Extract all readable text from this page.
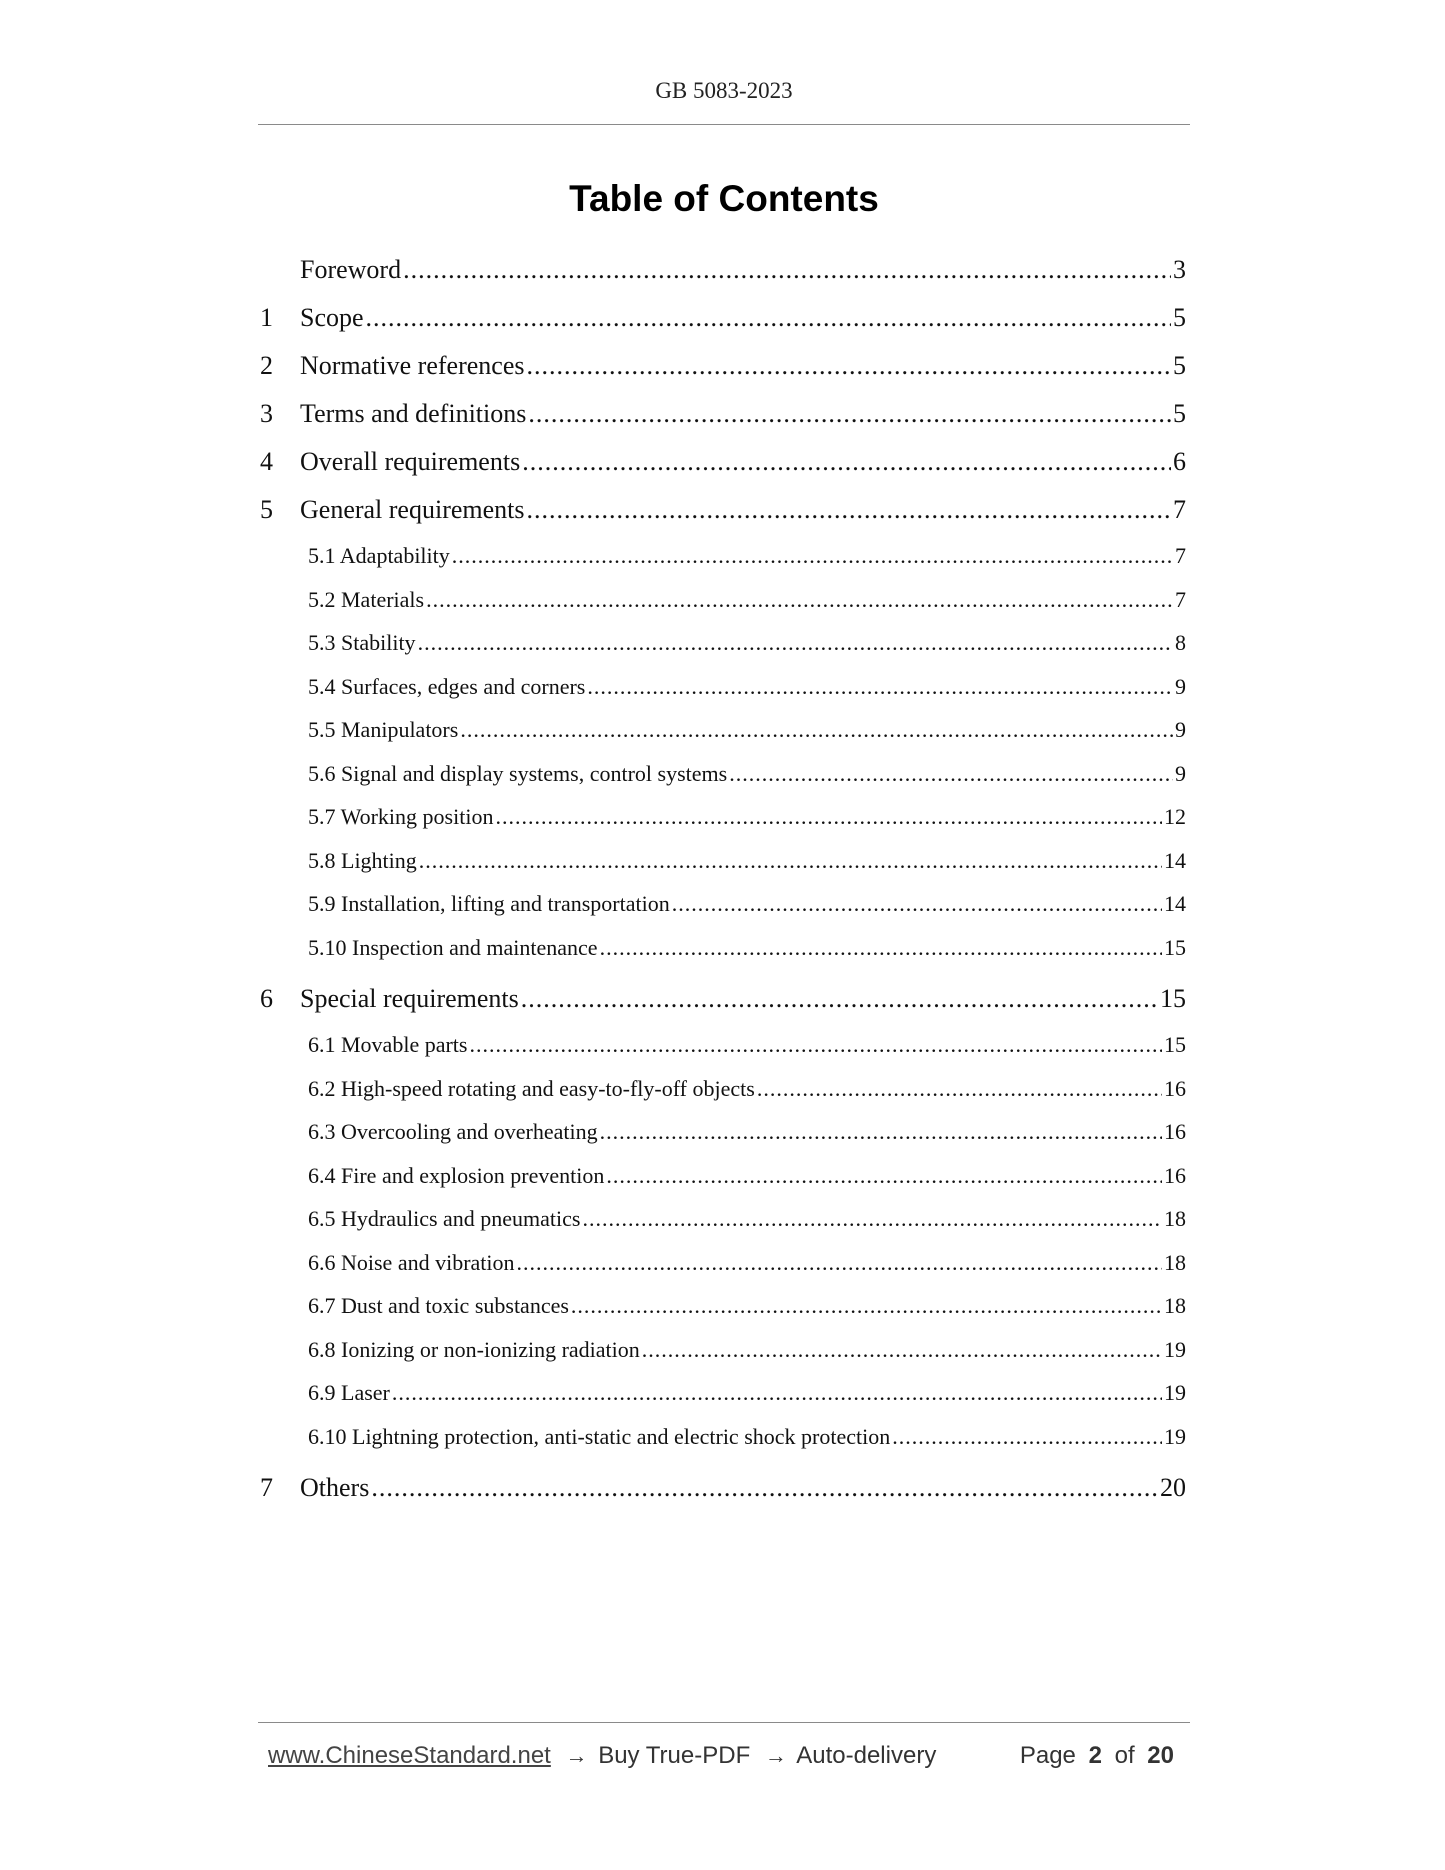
GB 5083-2023
Table of Contents
Foreword .....	3
1	Scope .....	5
2	Normative references .....	5
3	Terms and definitions .....	5
4	Overall requirements .....	6
5	General requirements .....	7
5.1 Adaptability .....	7
5.2 Materials .....	7
5.3 Stability .....	8
5.4 Surfaces, edges and corners .....	9
5.5 Manipulators .....	9
5.6 Signal and display systems, control systems .....	9
5.7 Working position .....	12
5.8 Lighting .....	14
5.9 Installation, lifting and transportation .....	14
5.10 Inspection and maintenance .....	15
6	Special requirements .....	15
6.1 Movable parts .....	15
6.2 High-speed rotating and easy-to-fly-off objects .....	16
6.3 Overcooling and overheating .....	16
6.4 Fire and explosion prevention .....	16
6.5 Hydraulics and pneumatics .....	18
6.6 Noise and vibration .....	18
6.7 Dust and toxic substances .....	18
6.8 Ionizing or non-ionizing radiation .....	19
6.9 Laser .....	19
6.10 Lightning protection, anti-static and electric shock protection .....	19
7	Others .....	20
www.ChineseStandard.net → Buy True-PDF → Auto-delivery	Page 2 of 20
